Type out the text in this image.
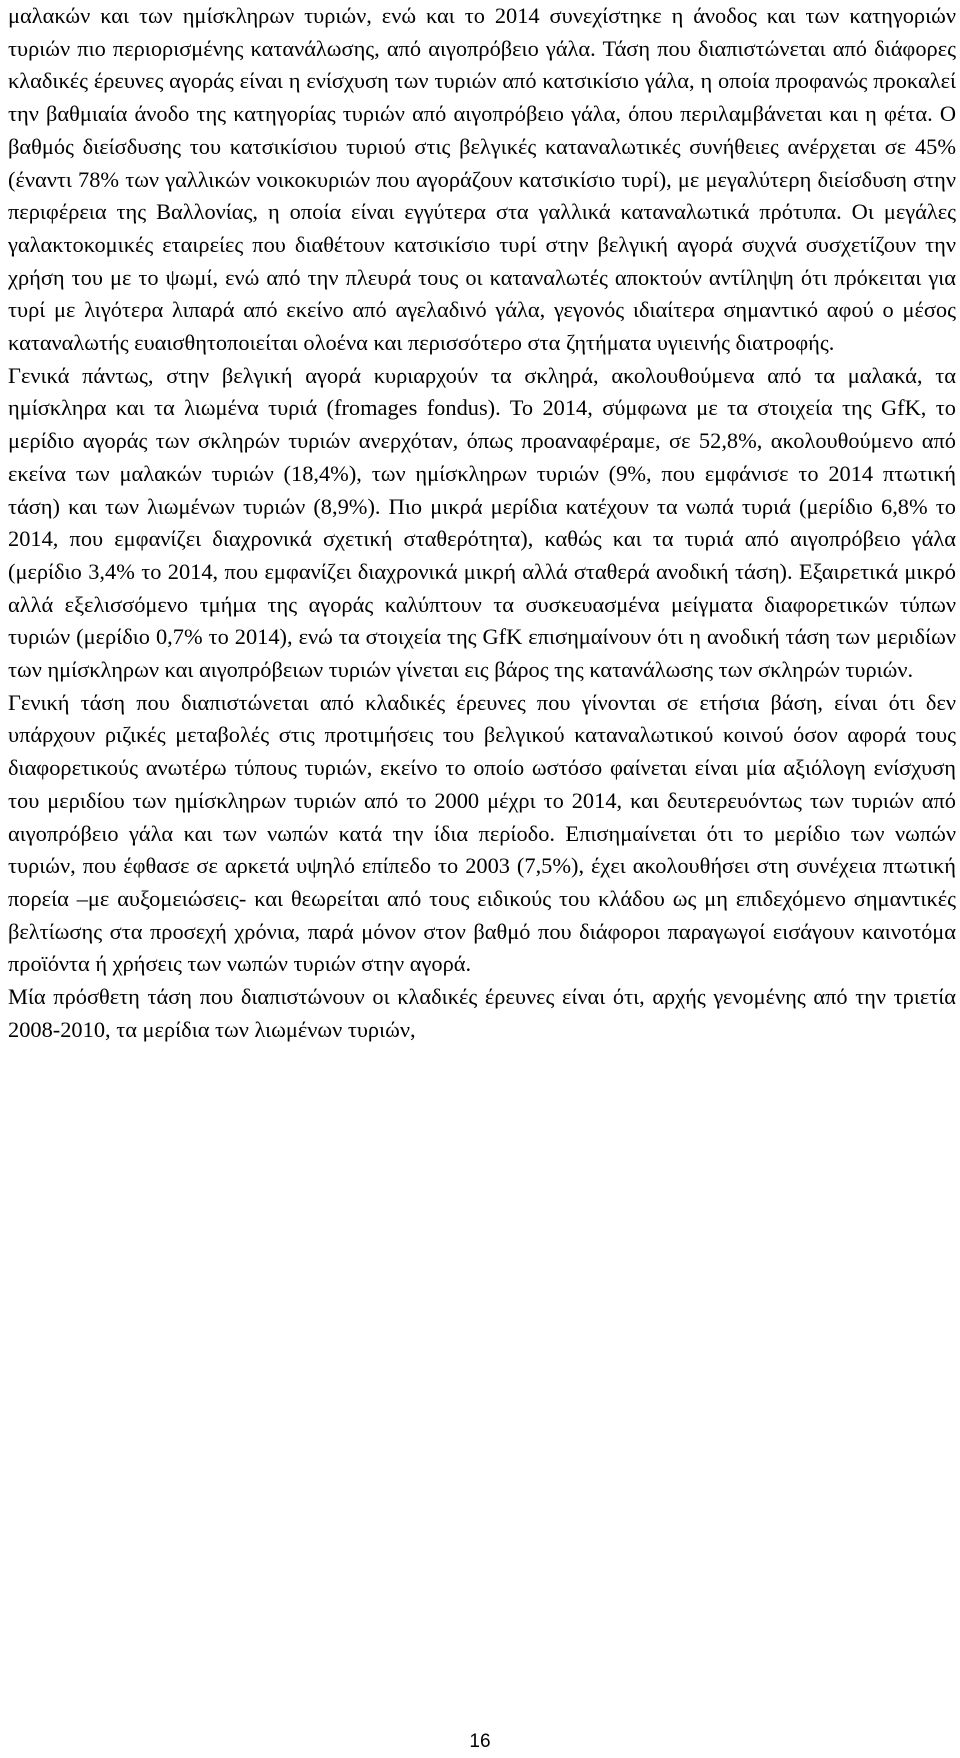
μαλακών και των ημίσκληρων τυριών, ενώ και το 2014 συνεχίστηκε η άνοδος και των κατηγοριών τυριών πιο περιορισμένης κατανάλωσης, από αιγοπρόβειο γάλα. Τάση που διαπιστώνεται από διάφορες κλαδικές έρευνες αγοράς είναι η ενίσχυση των τυριών από κατσικίσιο γάλα, η οποία προφανώς προκαλεί την βαθμιαία άνοδο της κατηγορίας τυριών από αιγοπρόβειο γάλα, όπου περιλαμβάνεται και η φέτα. Ο βαθμός διείσδυσης του κατσικίσιου τυριού στις βελγικές καταναλωτικές συνήθειες ανέρχεται σε 45% (έναντι 78% των γαλλικών νοικοκυριών που αγοράζουν κατσικίσιο τυρί), με μεγαλύτερη διείσδυση στην περιφέρεια της Βαλλονίας, η οποία είναι εγγύτερα στα γαλλικά καταναλωτικά πρότυπα. Οι μεγάλες γαλακτοκομικές εταιρείες που διαθέτουν κατσικίσιο τυρί στην βελγική αγορά συχνά συσχετίζουν την χρήση του με το ψωμί, ενώ από την πλευρά τους οι καταναλωτές αποκτούν αντίληψη ότι πρόκειται για τυρί με λιγότερα λιπαρά από εκείνο από αγελαδινό γάλα, γεγονός ιδιαίτερα σημαντικό αφού ο μέσος καταναλωτής ευαισθητοποιείται ολοένα και περισσότερο στα ζητήματα υγιεινής διατροφής.

Γενικά πάντως, στην βελγική αγορά κυριαρχούν τα σκληρά, ακολουθούμενα από τα μαλακά, τα ημίσκληρα και τα λιωμένα τυριά (fromages fondus). Το 2014, σύμφωνα με τα στοιχεία της GfK, το μερίδιο αγοράς των σκληρών τυριών ανερχόταν, όπως προαναφέραμε, σε 52,8%, ακολουθούμενο από εκείνα των μαλακών τυριών (18,4%), των ημίσκληρων τυριών (9%, που εμφάνισε το 2014 πτωτική τάση) και των λιωμένων τυριών (8,9%). Πιο μικρά μερίδια κατέχουν τα νωπά τυριά (μερίδιο 6,8% το 2014, που εμφανίζει διαχρονικά σχετική σταθερότητα), καθώς και τα τυριά από αιγοπρόβειο γάλα (μερίδιο 3,4% το 2014, που εμφανίζει διαχρονικά μικρή αλλά σταθερά ανοδική τάση). Εξαιρετικά μικρό αλλά εξελισσόμενο τμήμα της αγοράς καλύπτουν τα συσκευασμένα μείγματα διαφορετικών τύπων τυριών (μερίδιο 0,7% το 2014), ενώ τα στοιχεία της GfK επισημαίνουν ότι η ανοδική τάση των μεριδίων των ημίσκληρων και αιγοπρόβειων τυριών γίνεται εις βάρος της κατανάλωσης των σκληρών τυριών.

Γενική τάση που διαπιστώνεται από κλαδικές έρευνες που γίνονται σε ετήσια βάση, είναι ότι δεν υπάρχουν ριζικές μεταβολές στις προτιμήσεις του βελγικού καταναλωτικού κοινού όσον αφορά τους διαφορετικούς ανωτέρω τύπους τυριών, εκείνο το οποίο ωστόσο φαίνεται είναι μία αξιόλογη ενίσχυση του μεριδίου των ημίσκληρων τυριών από το 2000 μέχρι το 2014, και δευτερευόντως των τυριών από αιγοπρόβειο γάλα και των νωπών κατά την ίδια περίοδο. Επισημαίνεται ότι το μερίδιο των νωπών τυριών, που έφθασε σε αρκετά υψηλό επίπεδο το 2003 (7,5%), έχει ακολουθήσει στη συνέχεια πτωτική πορεία –με αυξομειώσεις- και θεωρείται από τους ειδικούς του κλάδου ως μη επιδεχόμενο σημαντικές βελτίωσης στα προσεχή χρόνια, παρά μόνον στον βαθμό που διάφοροι παραγωγοί εισάγουν καινοτόμα προϊόντα ή χρήσεις των νωπών τυριών στην αγορά.

Μία πρόσθετη τάση που διαπιστώνουν οι κλαδικές έρευνες είναι ότι, αρχής γενομένης από την τριετία 2008-2010, τα μερίδια των λιωμένων τυριών,

16
